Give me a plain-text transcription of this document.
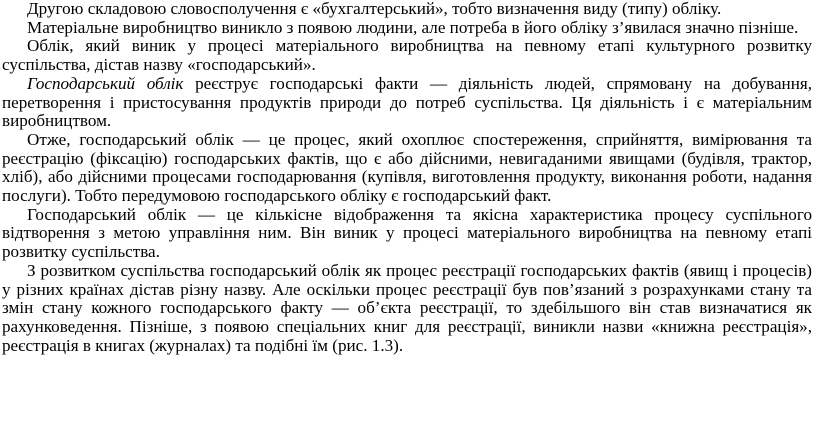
Другою складовою словосполучення є «бухгалтерський», тобто визначення виду (типу) обліку.

Матеріальне виробництво виникло з появою людини, але потреба в його обліку з’явилася значно пізніше.

Облік, який виник у процесі матеріального виробництва на певному етапі культурного розвитку суспільства, дістав назву «господарський».

Господарський облік реєструє господарські факти — діяльність людей, спрямовану на добування, перетворення і пристосування продуктів природи до потреб суспільства. Ця діяльність і є матеріальним виробництвом.

Отже, господарський облік — це процес, який охоплює спостереження, сприйняття, вимірювання та реєстрацію (фіксацію) господарських фактів, що є або дійсними, невигаданими явищами (будівля, трактор, хліб), або дійсними процесами господарювання (купівля, виготовлення продукту, виконання роботи, надання послуги). Тобто передумовою господарського обліку є господарський факт.

Господарський облік — це кількісне відображення та якісна характеристика процесу суспільного відтворення з метою управління ним. Він виник у процесі матеріального виробництва на певному етапі розвитку суспільства.

З розвитком суспільства господарський облік як процес реєстрації господарських фактів (явищ і процесів) у різних країнах дістав різну назву. Але оскільки процес реєстрації був пов’язаний з розрахунками стану та змін стану кожного господарського факту — об’єкта реєстрації, то здебільшого він став визначатися як рахунковедення. Пізніше, з появою спеціальних книг для реєстрації, виникли назви «книжна реєстрація», реєстрація в книгах (журналах) та подібні їм (рис. 1.3).
